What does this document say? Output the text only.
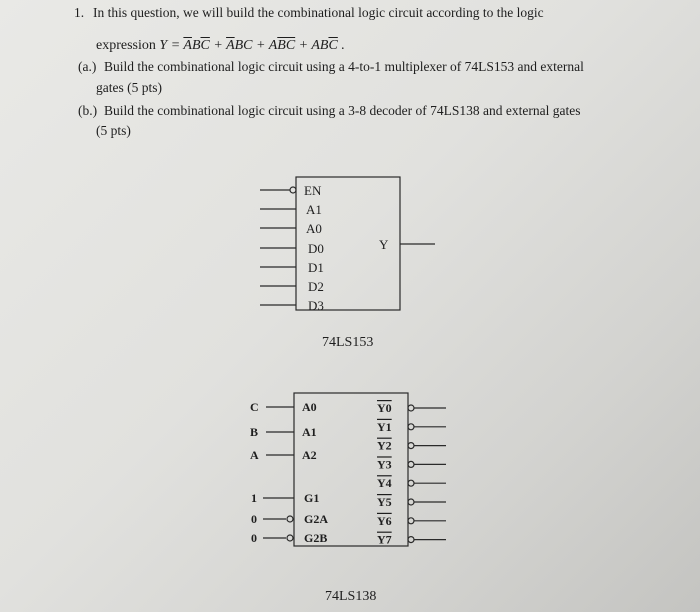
1. In this question, we will build the combinational logic circuit according to the logic
expression $Y = \overline{A}B\overline{C} + \overline{A}BC + A\overline{BC} + AB\overline{C}$ .
(a.) Build the combinational logic circuit using a 4-to-1 multiplexer of 74LS153 and external
gates (5 pts)
(b.) Build the combinational logic circuit using a 3-8 decoder of 74LS138 and external gates
(5 pts)
EN
A1
A0
D0
D1
D2
D3
Y
74LS153
C
B
A
1
0
0
A0
A1
A2
G1
G2A
G2B
Y0
Y1
Y2
Y3
Y4
Y5
Y6
Y7
74LS138
